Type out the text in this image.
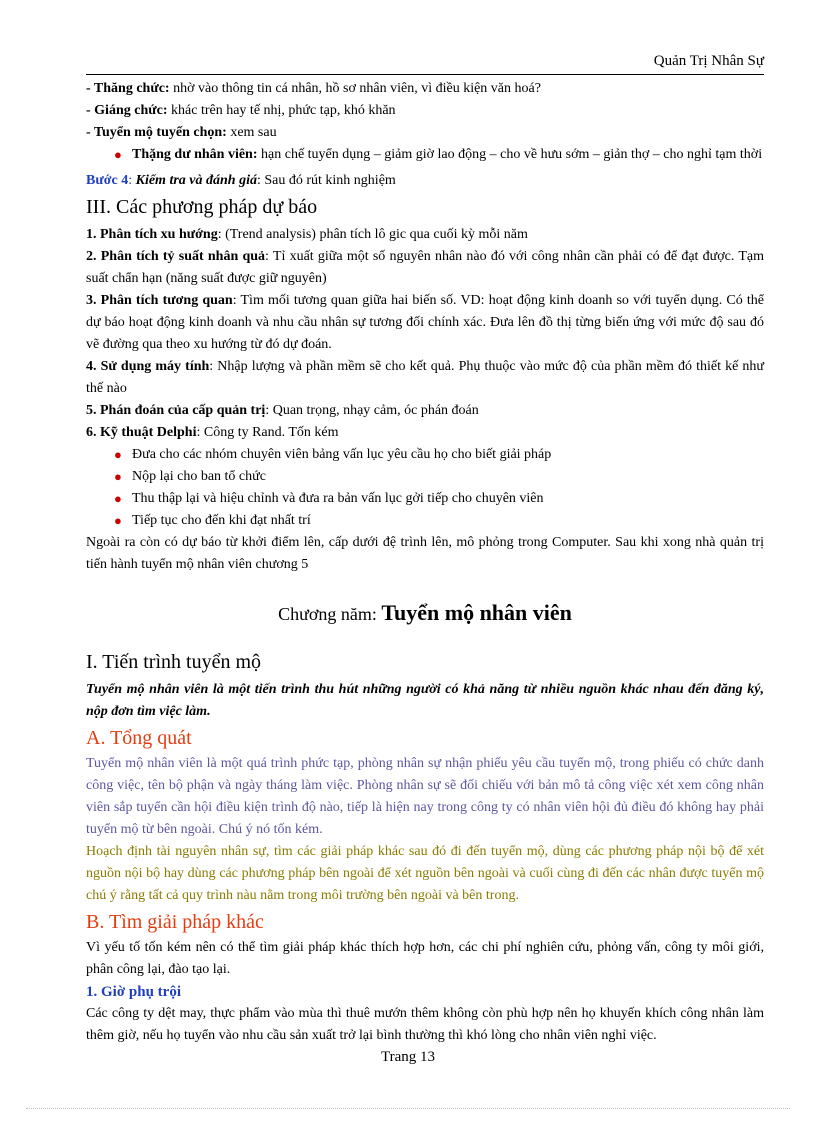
Quản Trị Nhân Sự

- Thăng chức: nhờ vào thông tin cá nhân, hồ sơ nhân viên, vì điều kiện văn hoá?

- Giáng chức: khác trên hay tế nhị, phức tạp, khó khăn

- Tuyển mộ tuyển chọn: xem sau

● Thặng dư nhân viên: hạn chế tuyển dụng – giảm giờ lao động – cho về hưu sớm – giản thợ – cho nghỉ tạm thời

Bước 4: Kiểm tra và đánh giá: Sau đó rút kinh nghiệm

III. Các phương pháp dự báo

1. Phân tích xu hướng: (Trend analysis) phân tích lô gic qua cuối kỳ mỗi năm

2. Phân tích tỷ suất nhân quả: Tỉ xuất giữa một số nguyên nhân nào đó với công nhân cần phải có để đạt được. Tạm suất chẩn hạn (năng suất được giữ nguyên)

3. Phân tích tương quan: Tìm mối tương quan giữa hai biến số. VD: hoạt động kinh doanh so với tuyển dụng. Có thể dự báo hoạt động kinh doanh và nhu cầu nhân sự tương đối chính xác. Đưa lên đồ thị từng biến ứng với mức độ sau đó vẽ đường qua theo xu hướng từ đó dự đoán.

4. Sử dụng máy tính: Nhập lượng và phần mềm sẽ cho kết quả. Phụ thuộc vào mức độ của phần mềm đó thiết kế như thế nào

5. Phán đoán của cấp quản trị: Quan trọng, nhạy cảm, óc phán đoán

6. Kỹ thuật Delphi: Công ty Rand. Tốn kém

● Đưa cho các nhóm chuyên viên bảng vấn lục yêu cầu họ cho biết giải pháp
● Nộp lại cho ban tổ chức
● Thu thập lại và hiệu chỉnh và đưa ra bản vấn lục gởi tiếp cho chuyên viên
● Tiếp tục cho đến khi đạt nhất trí

Ngoài ra còn có dự báo từ khởi điểm lên, cấp dưới đệ trình lên, mô phỏng trong Computer. Sau khi xong nhà quản trị tiến hành tuyển mộ nhân viên chương 5

Chương năm: Tuyển mộ nhân viên
I. Tiến trình tuyển mộ

Tuyển mộ nhân viên là một tiến trình thu hút những người có khả năng từ nhiều nguồn khác nhau đến đăng ký, nộp đơn tìm việc làm.

A. Tổng quát

Tuyển mộ nhân viên là một quá trình phức tạp, phòng nhân sự nhận phiếu yêu cầu tuyển mộ, trong phiếu có chức danh công việc, tên bộ phận và ngày tháng làm việc. Phòng nhân sự sẽ đối chiếu với bản mô tả công việc xét xem công nhân viên sắp tuyển cần hội điều kiện trình độ nào, tiếp là hiện nay trong công ty có nhân viên hội đủ điều đó không hay phải tuyển mộ từ bên ngoài. Chú ý nó tốn kém.

Hoạch định tài nguyên nhân sự, tìm các giải pháp khác sau đó đi đến tuyển mộ, dùng các phương pháp nội bộ để xét nguồn nội bộ hay dùng các phương pháp bên ngoài để xét nguồn bên ngoài và cuối cùng đi đến các nhân được tuyển mộ chú ý rằng tất cả quy trình nàu nằm trong môi trường bên ngoài và bên trong.

B. Tìm giải pháp khác

Vì yếu tố tốn kém nên có thể tìm giải pháp khác thích hợp hơn, các chi phí nghiên cứu, phỏng vấn, công ty môi giới, phân công lại, đào tạo lại.

1. Giờ phụ trội

Các công ty dệt may, thực phẩm vào mùa thì thuê mướn thêm không còn phù hợp nên họ khuyến khích công nhân làm thêm giờ, nếu họ tuyển vào nhu cầu sản xuất trở lại bình thường thì khó lòng cho nhân viên nghỉ việc.

Trang 13
